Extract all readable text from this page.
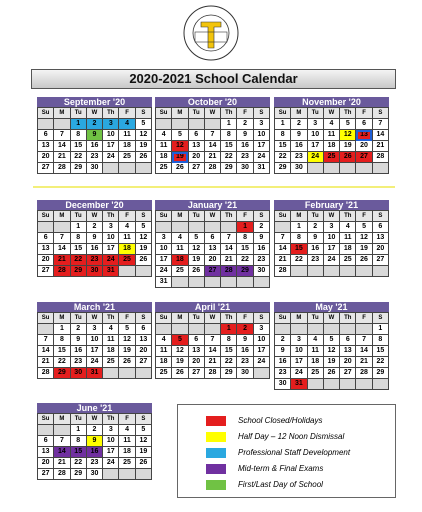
2020-2021 School Calendar
September '20
Su	M	Tu	W	Th	F	S
		1	2	3	4	5
6	7	8	9	10	11	12
13	14	15	16	17	18	19
20	21	22	23	24	25	26
27	28	29	30			
October '20
Su	M	Tu	W	Th	F	S
				1	2	3
4	5	6	7	8	9	10
11	12	13	14	15	16	17
18	19	20	21	22	23	24
25	26	27	28	29	30	31
November '20
Su	M	Tu	W	Th	F	S
1	2	3	4	5	6	7
8	9	10	11	12	13	14
15	16	17	18	19	20	21
22	23	24	25	26	27	28
29	30					
December '20
Su	M	Tu	W	Th	F	S
		1	2	3	4	5
6	7	8	9	10	11	12
13	14	15	16	17	18	19
20	21	22	23	24	25	26
27	28	29	30	31		
January '21
Su	M	Tu	W	Th	F	S
					1	2
3	4	5	6	7	8	9
10	11	12	13	14	15	16
17	18	19	20	21	22	23
24	25	26	27	28	29	30
31						
February '21
Su	M	Tu	W	Th	F	S
	1	2	3	4	5	6
7	8	9	10	11	12	13
14	15	16	17	18	19	20
21	22	23	24	25	26	27
28						
March '21
Su	M	Tu	W	Th	F	S
	1	2	3	4	5	6
7	8	9	10	11	12	13
14	15	16	17	18	19	20
21	22	23	24	25	26	27
28	29	30	31			
April '21
Su	M	Tu	W	Th	F	S
				1	2	3
4	5	6	7	8	9	10
11	12	13	14	15	16	17
18	19	20	21	22	23	24
25	26	27	28	29	30	
May '21
Su	M	Tu	W	Th	F	S
						1
2	3	4	5	6	7	8
9	10	11	12	13	14	15
16	17	18	19	20	21	22
23	24	25	26	27	28	29
30	31					
June '21
Su	M	Tu	W	Th	F	S
		1	2	3	4	5
6	7	8	9	10	11	12
13	14	15	16	17	18	19
20	21	22	23	24	25	26
27	28	29	30			
School Closed/Holidays
Half Day – 12 Noon Dismissal
Professional Staff Development
Mid-term & Final Exams
First/Last Day of School
